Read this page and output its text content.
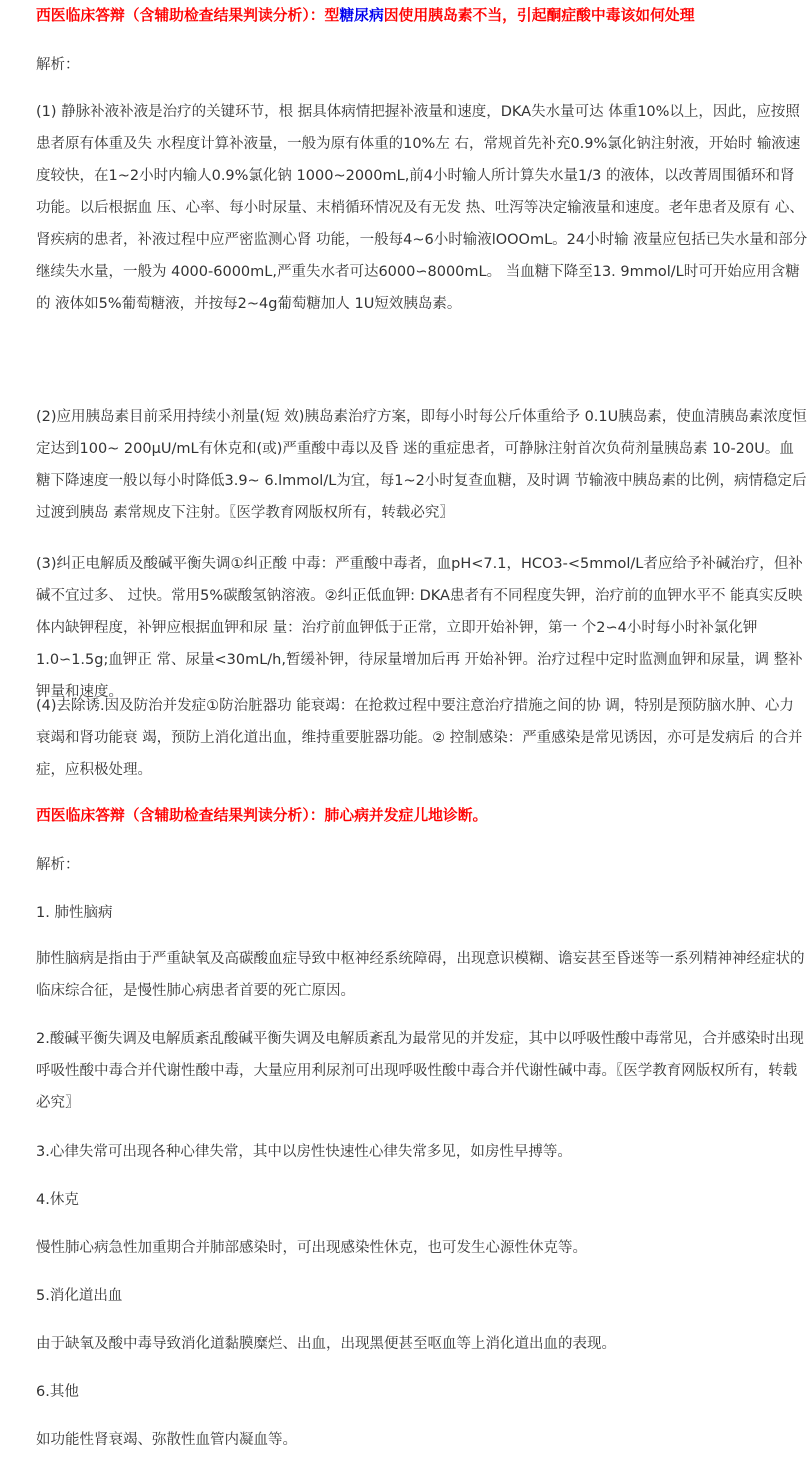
西医临床答辩（含辅助检查结果判读分析）：型糖尿病因使用胰岛素不当，引起酮症酸中毒该如何处理
解析：
(1) 静脉补液补液是治疗的关键环节，根 据具体病情把握补液量和速度，DKA失水量可达 体重10%以上，因此，应按照患者原有体重及失 水程度计算补液量，一般为原有体重的10%左 右，常规首先补充0.9%氯化钠注射液，开始时 输液速度较快，在1~2小时内输人0.9%氯化钠 1000~2000mL,前4小时输人所计算失水量1/3 的液体，以改菁周围循环和肾功能。以后根据血 压、心率、每小时尿量、末梢循环情况及有无发 热、吐泻等决定输液量和速度。老年患者及原有 心、肾疾病的患者，补液过程中应严密监测心肾 功能，一般每4~6小时输液lOOOmL。24小时输 液量应包括已失水量和部分继续失水量，一般为 4000-6000mL,严重失水者可达6000∽8000mL。 当血糖下降至13. 9mmol/L时可开始应用含糖的 液体如5%葡萄糖液，并按每2~4g葡萄糖加人 1U短效胰岛素。
(2)应用胰岛素目前采用持续小剂量(短 效)胰岛素治疗方案，即每小时每公斤体重给予 0.1U胰岛素，使血清胰岛素浓度恒定达到100~ 200μU/mL有休克和(或)严重酸中毒以及昏 迷的重症患者，可静脉注射首次负荷剂量胰岛素 10-20U。血糖下降速度一般以每小时降低3.9~ 6.lmmol/L为宜，每1~2小时复查血糖，及时调 节输液中胰岛素的比例，病情稳定后过渡到胰岛 素常规皮下注射。〖医学教育网版权所有，转载必究〗
(3)纠正电解质及酸碱平衡失调①纠正酸 中毒：严重酸中毒者，血pH<7.1，HCO3-<5mmol/L者应给予补碱治疗，但补碱不宜过多、 过快。常用5%碳酸氢钠溶液。②纠正低血钾: DKA患者有不同程度失钾，治疗前的血钾水平不 能真实反映体内缺钾程度，补钾应根据血钾和尿 量：治疗前血钾低于正常，立即开始补钾，第一 个2∽4小时每小时补氯化钾1.0∽1.5g;血钾正 常、尿量<30mL/h,暂缓补钾，待尿量增加后再 开始补钾。治疗过程中定时监测血钾和尿量，调 整补钾量和速度。
(4)去除诱.因及防治并发症①防治脏器功 能衰竭：在抢救过程中要注意治疗措施之间的协 调，特别是预防脑水肿、心力衰竭和肾功能衰 竭，预防上消化道出血，维持重要脏器功能。② 控制感染：严重感染是常见诱因，亦可是发病后 的合并症，应积极处理。
西医临床答辩（含辅助检查结果判读分析）：肺心病并发症儿地诊断。
解析：
1. 肺性脑病
肺性脑病是指由于严重缺氧及高碳酸血症导致中枢神经系统障碍，出现意识模糊、谵妄甚至昏迷等一系列精神神经症状的临床综合征，是慢性肺心病患者首要的死亡原因。
2.酸碱平衡失调及电解质紊乱酸碱平衡失调及电解质紊乱为最常见的并发症，其中以呼吸性酸中毒常见，合并感染时出现呼吸性酸中毒合并代谢性酸中毒，大量应用利尿剂可出现呼吸性酸中毒合并代谢性碱中毒。〖医学教育网版权所有，转载必究〗
3.心律失常可出现各种心律失常，其中以房性快速性心律失常多见，如房性早搏等。
4.休克
慢性肺心病急性加重期合并肺部感染时，可出现感染性休克，也可发生心源性休克等。
5.消化道出血
由于缺氧及酸中毒导致消化道黏膜糜烂、出血，出现黑便甚至呕血等上消化道出血的表现。
6.其他
如功能性肾衰竭、弥散性血管内凝血等。
